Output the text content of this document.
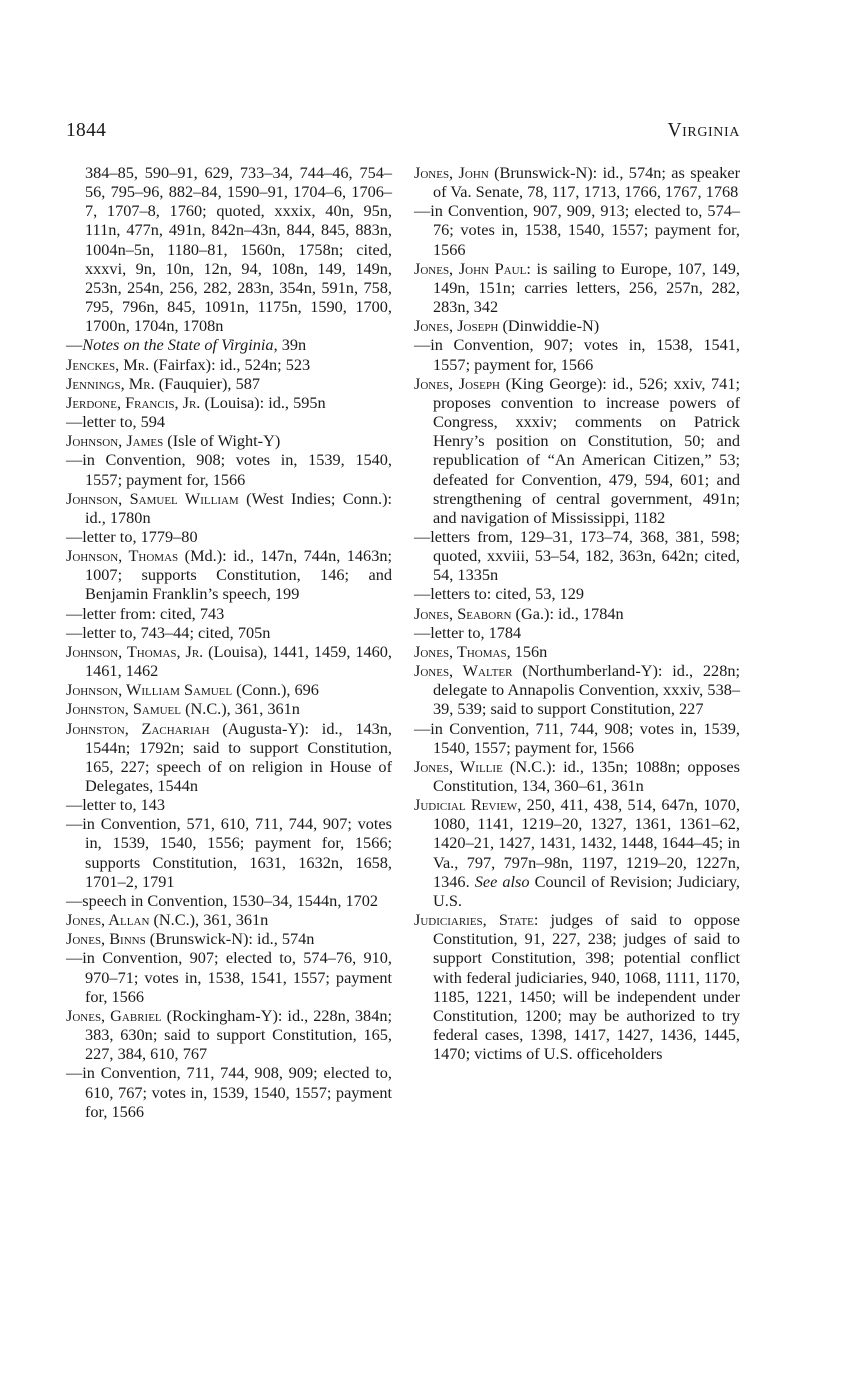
1844	Virginia

384–85, 590–91, 629, 733–34, 744–46, 754–56, 795–96, 882–84, 1590–91, 1704–6, 1706–7, 1707–8, 1760; quoted, xxxix, 40n, 95n, 111n, 477n, 491n, 842n–43n, 844, 845, 883n, 1004n–5n, 1180–81, 1560n, 1758n; cited, xxxvi, 9n, 10n, 12n, 94, 108n, 149, 149n, 253n, 254n, 256, 282, 283n, 354n, 591n, 758, 795, 796n, 845, 1091n, 1175n, 1590, 1700, 1700n, 1704n, 1708n

—Notes on the State of Virginia, 39n

Jenckes, Mr. (Fairfax): id., 524n; 523

Jennings, Mr. (Fauquier), 587

Jerdone, Francis, Jr. (Louisa): id., 595n

—letter to, 594

Johnson, James (Isle of Wight-Y)

—in Convention, 908; votes in, 1539, 1540, 1557; payment for, 1566

Johnson, Samuel William (West Indies; Conn.): id., 1780n

—letter to, 1779–80

Johnson, Thomas (Md.): id., 147n, 744n, 1463n; 1007; supports Constitution, 146; and Benjamin Franklin’s speech, 199

—letter from: cited, 743

—letter to, 743–44; cited, 705n

Johnson, Thomas, Jr. (Louisa), 1441, 1459, 1460, 1461, 1462

Johnson, William Samuel (Conn.), 696

Johnston, Samuel (N.C.), 361, 361n

Johnston, Zachariah (Augusta-Y): id., 143n, 1544n; 1792n; said to support Constitution, 165, 227; speech of on religion in House of Delegates, 1544n

—letter to, 143

—in Convention, 571, 610, 711, 744, 907; votes in, 1539, 1540, 1556; payment for, 1566; supports Constitution, 1631, 1632n, 1658, 1701–2, 1791

—speech in Convention, 1530–34, 1544n, 1702

Jones, Allan (N.C.), 361, 361n

Jones, Binns (Brunswick-N): id., 574n

—in Convention, 907; elected to, 574–76, 910, 970–71; votes in, 1538, 1541, 1557; payment for, 1566

Jones, Gabriel (Rockingham-Y): id., 228n, 384n; 383, 630n; said to support Constitution, 165, 227, 384, 610, 767

—in Convention, 711, 744, 908, 909; elected to, 610, 767; votes in, 1539, 1540, 1557; payment for, 1566

Jones, John (Brunswick-N): id., 574n; as speaker of Va. Senate, 78, 117, 1713, 1766, 1767, 1768

—in Convention, 907, 909, 913; elected to, 574–76; votes in, 1538, 1540, 1557; payment for, 1566

Jones, John Paul: is sailing to Europe, 107, 149, 149n, 151n; carries letters, 256, 257n, 282, 283n, 342

Jones, Joseph (Dinwiddie-N)

—in Convention, 907; votes in, 1538, 1541, 1557; payment for, 1566

Jones, Joseph (King George): id., 526; xxiv, 741; proposes convention to increase powers of Congress, xxxiv; comments on Patrick Henry’s position on Constitution, 50; and republication of “An American Citizen,” 53; defeated for Convention, 479, 594, 601; and strengthening of central government, 491n; and navigation of Mississippi, 1182

—letters from, 129–31, 173–74, 368, 381, 598; quoted, xxviii, 53–54, 182, 363n, 642n; cited, 54, 1335n

—letters to: cited, 53, 129

Jones, Seaborn (Ga.): id., 1784n

—letter to, 1784

Jones, Thomas, 156n

Jones, Walter (Northumberland-Y): id., 228n; delegate to Annapolis Convention, xxxiv, 538–39, 539; said to support Constitution, 227

—in Convention, 711, 744, 908; votes in, 1539, 1540, 1557; payment for, 1566

Jones, Willie (N.C.): id., 135n; 1088n; opposes Constitution, 134, 360–61, 361n

Judicial Review, 250, 411, 438, 514, 647n, 1070, 1080, 1141, 1219–20, 1327, 1361, 1361–62, 1420–21, 1427, 1431, 1432, 1448, 1644–45; in Va., 797, 797n–98n, 1197, 1219–20, 1227n, 1346. See also Council of Revision; Judiciary, U.S.

Judiciaries, State: judges of said to oppose Constitution, 91, 227, 238; judges of said to support Constitution, 398; potential conflict with federal judiciaries, 940, 1068, 1111, 1170, 1185, 1221, 1450; will be independent under Constitution, 1200; may be authorized to try federal cases, 1398, 1417, 1427, 1436, 1445, 1470; victims of U.S. officeholders
